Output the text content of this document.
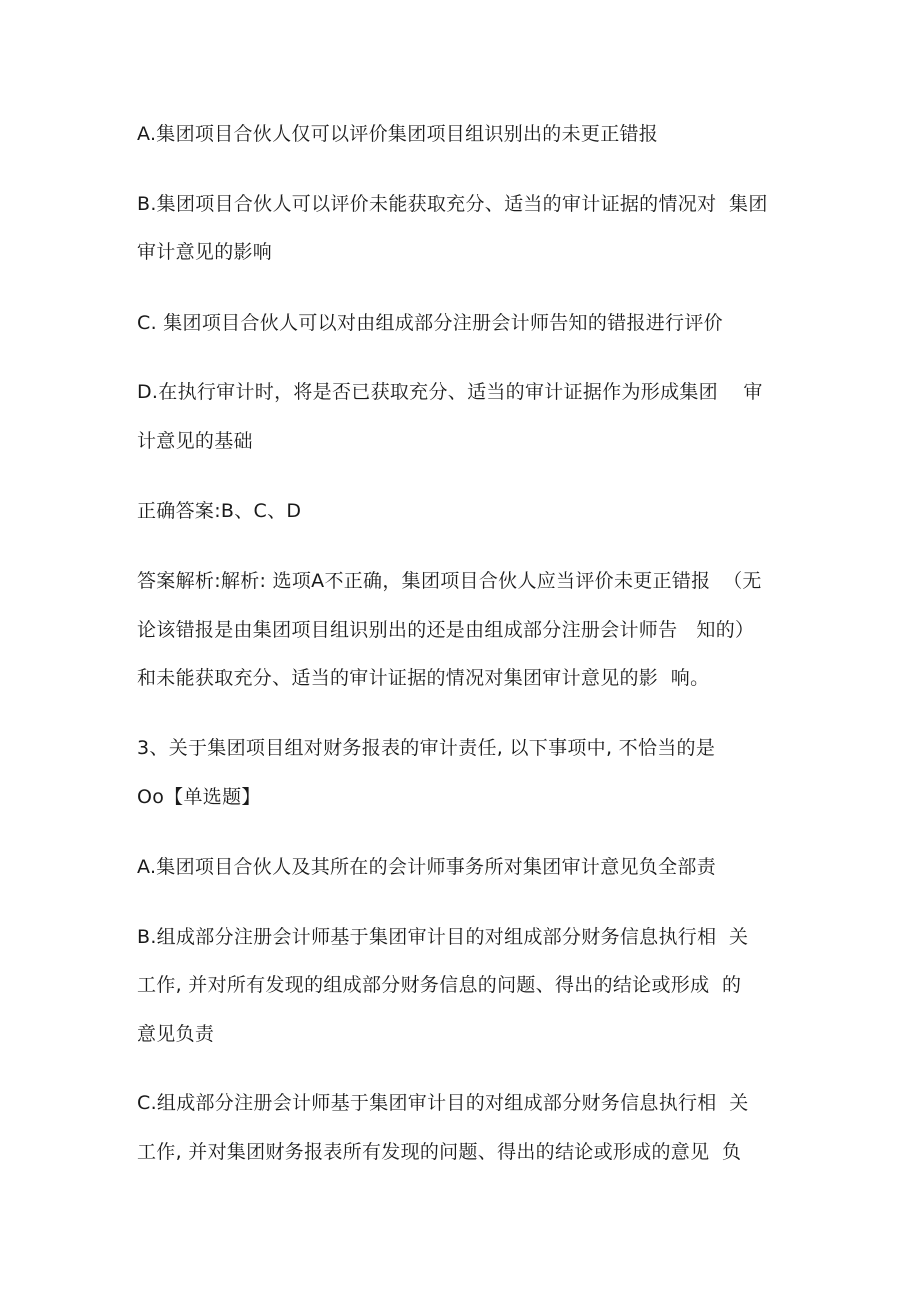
A.集团项目合伙人仅可以评价集团项目组识别出的未更正错报
B.集团项目合伙人可以评价未能获取充分、适当的审计证据的情况对  集团
审计意见的影响
C. 集团项目合伙人可以对由组成部分注册会计师告知的错报进行评价
D.在执行审计时，将是否已获取充分、适当的审计证据作为形成集团    审
计意见的基础
正确答案:B、C、D
答案解析:解析: 选项A不正确，集团项目合伙人应当评价未更正错报  （无
论该错报是由集团项目组识别出的还是由组成部分注册会计师告   知的）
和未能获取充分、适当的审计证据的情况对集团审计意见的影  响。
3、关于集团项目组对财务报表的审计责任, 以下事项中, 不恰当的是
Oo【单选题】
A.集团项目合伙人及其所在的会计师事务所对集团审计意见负全部责
B.组成部分注册会计师基于集团审计目的对组成部分财务信息执行相  关
工作, 并对所有发现的组成部分财务信息的问题、得出的结论或形成  的
意见负责
C.组成部分注册会计师基于集团审计目的对组成部分财务信息执行相  关
工作, 并对集团财务报表所有发现的问题、得出的结论或形成的意见  负
